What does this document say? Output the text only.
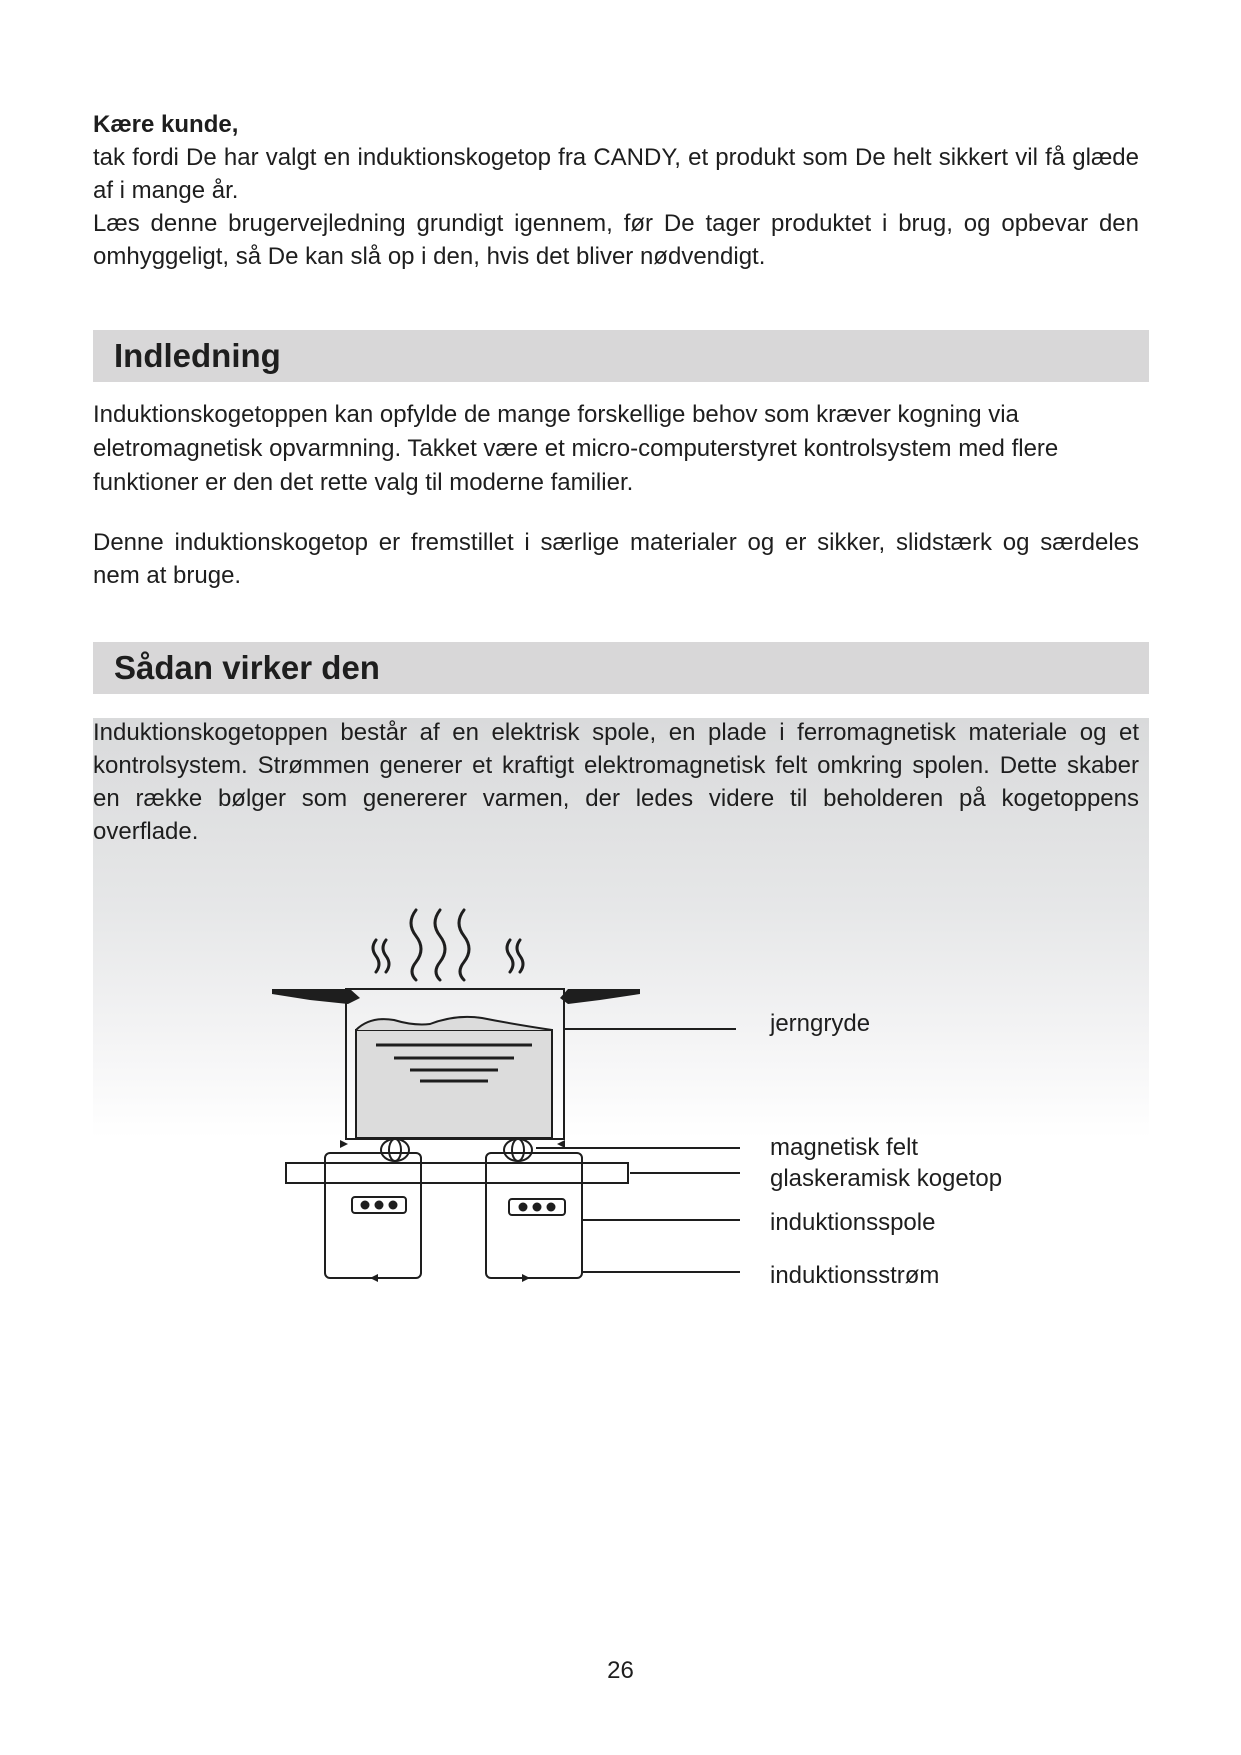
Kære kunde,

tak fordi De har valgt en induktionskogetop fra CANDY, et produkt som De helt sikkert vil få glæde af i mange år.

Læs denne brugervejledning grundigt igennem, før De tager produktet i brug, og opbevar den omhyggeligt, så De kan slå op i den, hvis det bliver nødvendigt.

Indledning

Induktionskogetoppen kan opfylde de mange forskellige behov som kræver kogning via eletromagnetisk opvarmning. Takket være et micro-computerstyret kontrolsystem med flere funktioner er den det rette valg til moderne familier.

Denne induktionskogetop er fremstillet i særlige materialer og er sikker, slidstærk og særdeles nem at bruge.

Sådan virker den

Induktionskogetoppen består af en elektrisk spole, en plade i ferromagnetisk materiale og et kontrolsystem. Strømmen generer et kraftigt elektromagnetisk felt omkring spolen. Dette skaber en række bølger som genererer varmen, der ledes videre til beholderen på kogetoppens overflade.

jerngryde
magnetisk felt
glaskeramisk kogetop
induktionsspole
induktionsstrøm
26
